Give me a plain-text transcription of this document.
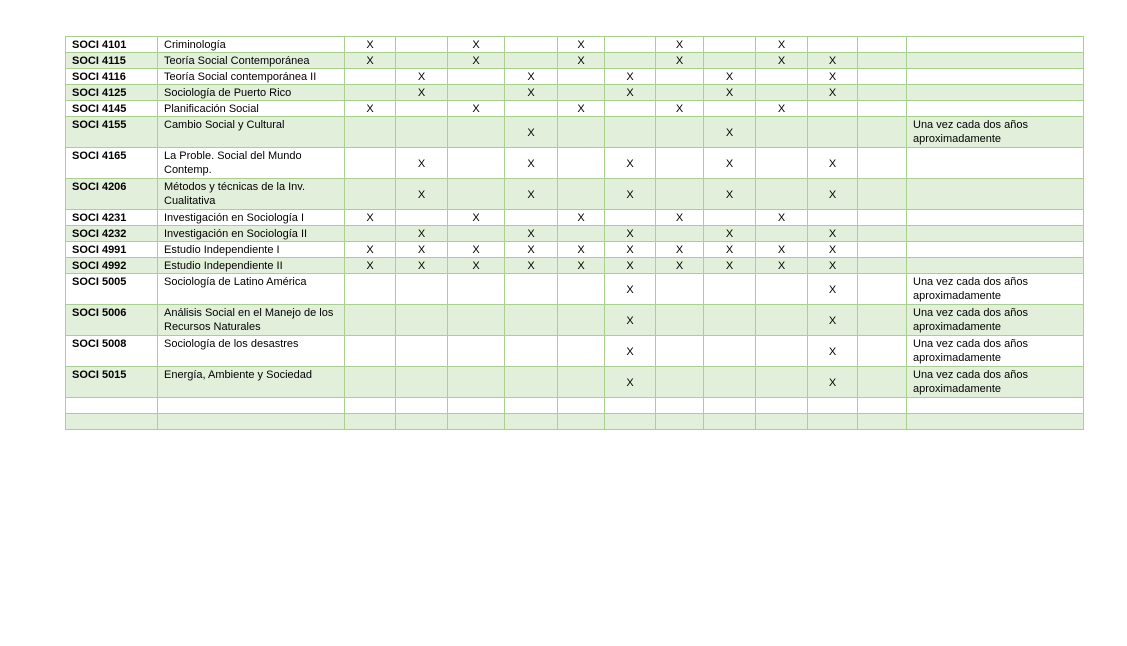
SOCI 4101	Criminología	X		X		X		X		X			
SOCI 4115	Teoría Social Contemporánea	X		X		X		X		X	X		
SOCI 4116	Teoría Social contemporánea II		X		X		X		X		X		
SOCI 4125	Sociología de Puerto Rico		X		X		X		X		X		
SOCI 4145	Planificación Social	X		X		X		X		X			
SOCI 4155	Cambio Social y Cultural				X				X				Una vez cada dos años aproximadamente
SOCI 4165	La Proble. Social del Mundo Contemp.		X		X		X		X		X		
SOCI 4206	Métodos y técnicas de la Inv. Cualitativa		X		X		X		X		X		
SOCI 4231	Investigación en Sociología I	X		X		X		X		X			
SOCI 4232	Investigación en Sociología II		X		X		X		X		X		
SOCI 4991	Estudio Independiente I	X	X	X	X	X	X	X	X	X	X		
SOCI 4992	Estudio Independiente II	X	X	X	X	X	X	X	X	X	X		
SOCI 5005	Sociología de Latino América						X				X		Una vez cada dos años aproximadamente
SOCI 5006	Análisis Social en el Manejo de los Recursos Naturales						X				X		Una vez cada dos años aproximadamente
SOCI 5008	Sociología de los desastres						X				X		Una vez cada dos años aproximadamente
SOCI 5015	Energía, Ambiente y Sociedad						X				X		Una vez cada dos años aproximadamente
